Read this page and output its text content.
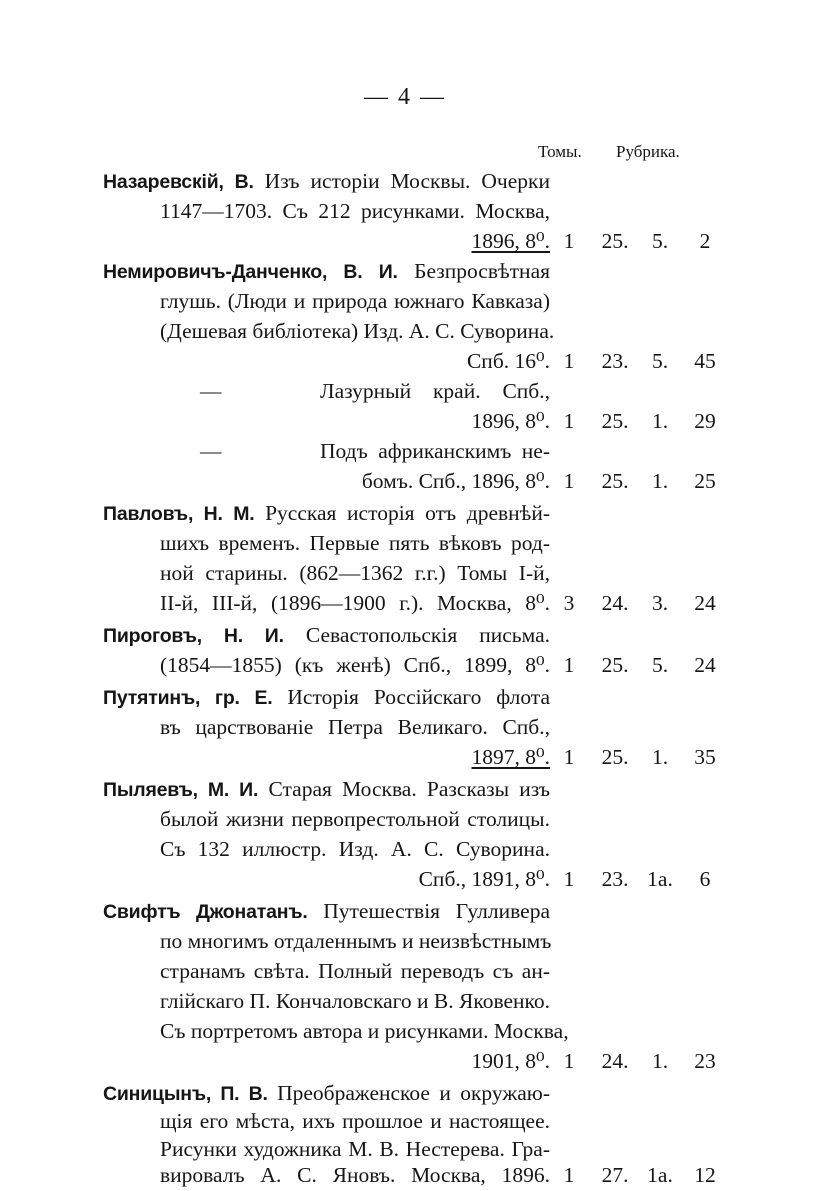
— 4 —
Томы. Рубрика.
Назаревскій, В. Изъ исторіи Москвы. Очерки
1147—1703. Съ 212 рисунками. Москва,
1896, 8⁰. 1	25.	5.	2
Немировичъ-Данченко, В. И. Безпросвѣтная
глушь. (Люди и природа южнаго Кавказа)
(Дешевая библіотека) Изд. А. С. Суворина.
Спб. 16⁰. 1	23.	5.	45
—	Лазурный край. Спб.,
1896, 8⁰. 1	25.	1.	29
—	Подъ африканскимъ не-
бомъ. Спб., 1896, 8⁰. 1	25.	1.	25
Павловъ, Н. М. Русская исторія отъ древнѣй-
шихъ временъ. Первые пять вѣковъ род-
ной старины. (862—1362 г.г.) Томы I-й,
II-й, III-й, (1896—1900 г.). Москва, 8⁰. 3	24.	3.	24
Пироговъ, Н. И. Севастопольскія письма.
(1854—1855) (къ женѣ) Спб., 1899, 8⁰. 1	25.	5.	24
Путятинъ, гр. Е. Исторія Россійскаго флота
въ царствованіе Петра Великаго. Спб.,
1897, 8⁰. 1	25.	1.	35
Пыляевъ, М. И. Старая Москва. Разсказы изъ
былой жизни первопрестольной столицы.
Съ 132 иллюстр. Изд. А. С. Суворина.
Спб., 1891, 8⁰. 1	23. 1а.	6
Свифтъ Джонатанъ. Путешествія Гулливера
по многимъ отдаленнымъ и неизвѣстнымъ
странамъ свѣта. Полный переводъ съ ан-
глійскаго П. Кончаловскаго и В. Яковенко.
Съ портретомъ автора и рисунками. Москва,
1901, 8⁰. 1	24.	1.	23
Синицынъ, П. В. Преображенское и окружаю-
щія его мѣста, ихъ прошлое и настоящее.
Рисунки художника М. В. Нестерева. Гра-
вировалъ А. С. Яновъ. Москва, 1896. 1	27. 1а. 12
